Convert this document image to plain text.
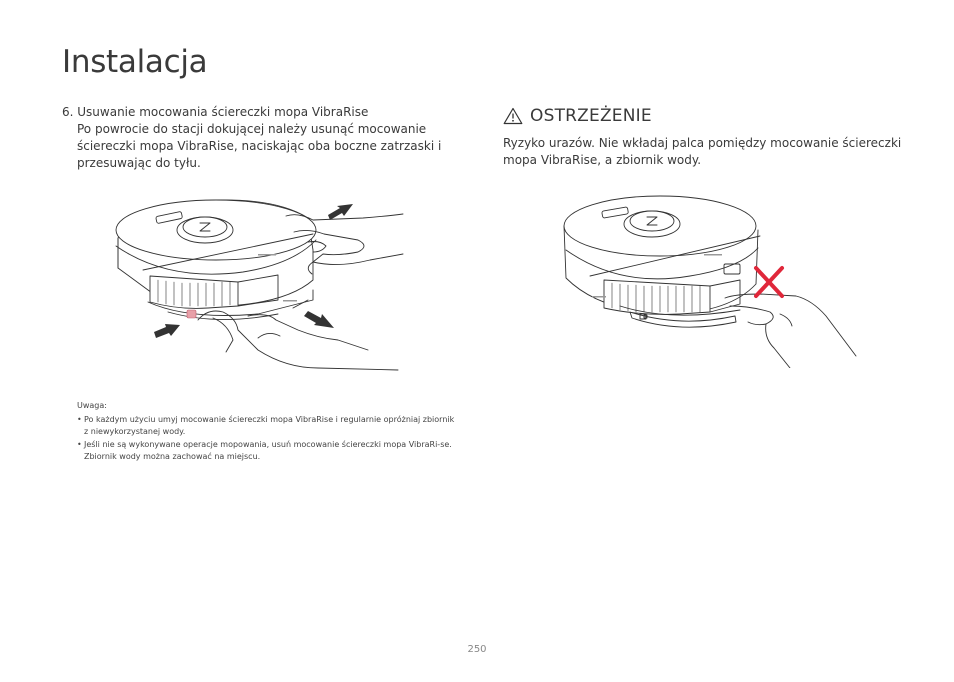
Instalacja
6. Usuwanie mocowania ściereczki mopa VibraRise
Po powrocie do stacji dokującej należy usunąć mocowanie ściereczki mopa VibraRise, naciskając oba boczne zatrzaski i przesuwając do tyłu.
OSTRZEŻENIE
Ryzyko urazów. Nie wkładaj palca pomiędzy mocowanie ściereczki mopa VibraRise, a zbiornik wody.
Uwaga:
• Po każdym użyciu umyj mocowanie ściereczki mopa VibraRise i regularnie opróżniaj zbiornik z niewykorzystanej wody.
• Jeśli nie są wykonywane operacje mopowania, usuń mocowanie ściereczki mopa VibraRi-se. Zbiornik wody można zachować na miejscu.
250
